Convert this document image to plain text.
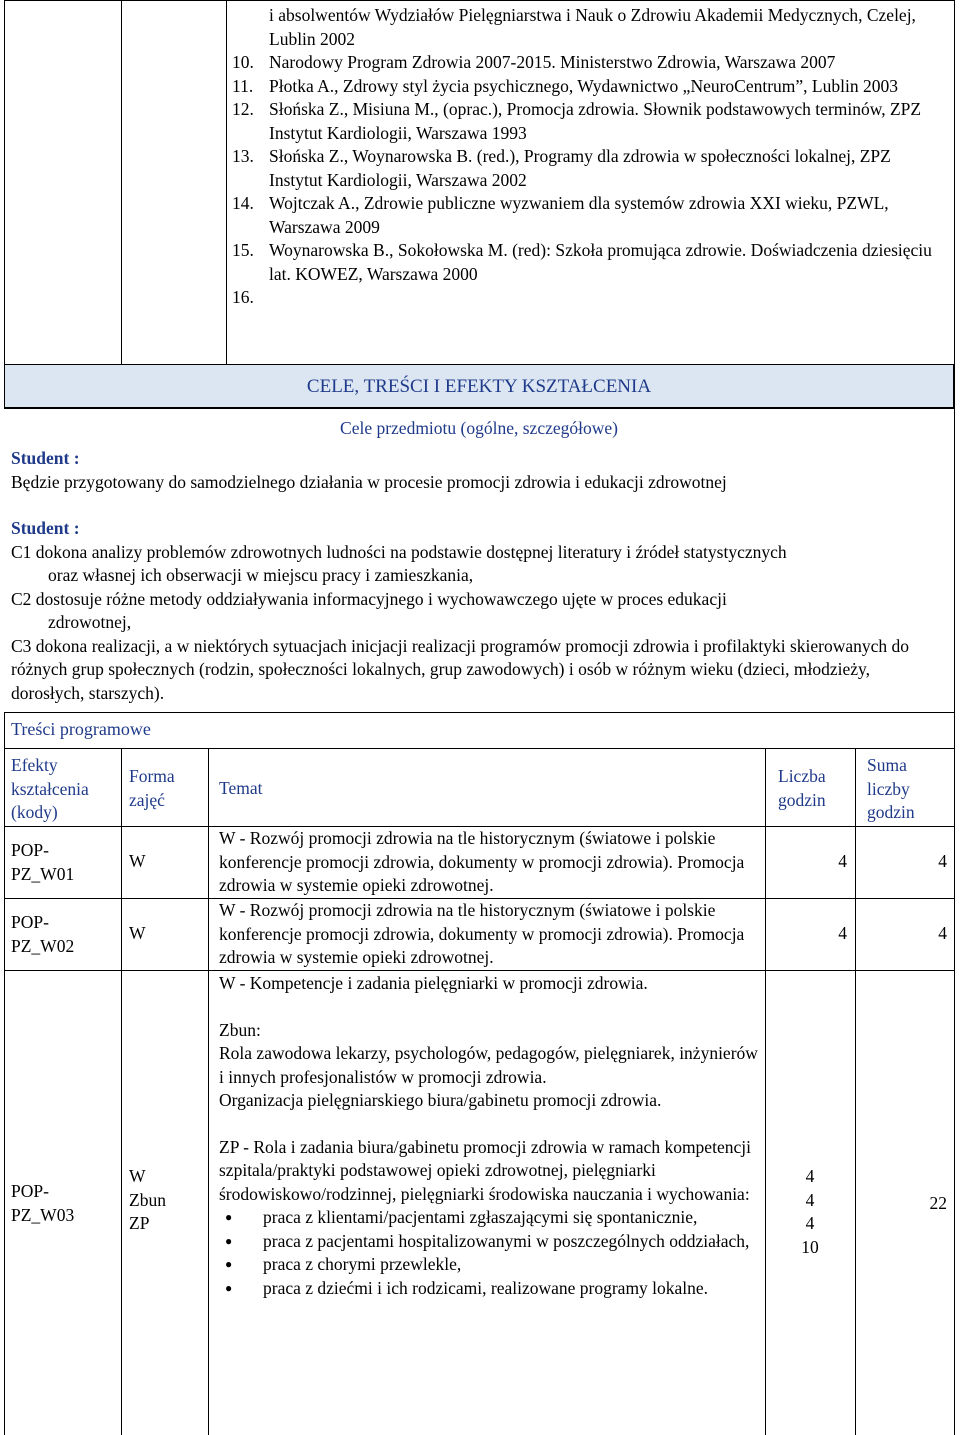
i absolwentów Wydziałów Pielęgniarstwa i Nauk o Zdrowiu Akademii Medycznych, Czelej, Lublin 2002
10. Narodowy Program Zdrowia 2007-2015. Ministerstwo Zdrowia, Warszawa 2007
11. Płotka A., Zdrowy styl życia psychicznego, Wydawnictwo „NeuroCentrum”, Lublin 2003
12. Słońska Z., Misiuna M., (oprac.), Promocja zdrowia. Słownik podstawowych terminów, ZPZ Instytut Kardiologii, Warszawa 1993
13. Słońska Z., Woynarowska B. (red.), Programy dla zdrowia w społeczności lokalnej, ZPZ Instytut Kardiologii, Warszawa 2002
14. Wojtczak A., Zdrowie publiczne wyzwaniem dla systemów zdrowia XXI wieku, PZWL, Warszawa 2009
15. Woynarowska B., Sokołowska M. (red): Szkoła promująca zdrowie. Doświadczenia dziesięciu lat. KOWEZ, Warszawa 2000
16.
CELE, TREŚCI I EFEKTY KSZTAŁCENIA
Cele przedmiotu (ogólne, szczegółowe)
Student :
Będzie przygotowany do samodzielnego działania w procesie promocji zdrowia i edukacji zdrowotnej
Student :
C1 dokona analizy problemów zdrowotnych ludności na podstawie dostępnej literatury i źródeł statystycznych
oraz własnej ich obserwacji w miejscu pracy i zamieszkania,
C2 dostosuje różne metody oddziaływania informacyjnego i wychowawczego ujęte w proces edukacji
zdrowotnej,
C3 dokona realizacji, a w niektórych sytuacjach inicjacji realizacji programów promocji zdrowia i profilaktyki skierowanych do różnych grup społecznych (rodzin, społeczności lokalnych, grup zawodowych) i osób w różnym wieku (dzieci, młodzieży, dorosłych, starszych).
Treści programowe
Efekty kształcenia (kody)
Forma zajęć
Temat
Liczba godzin
Suma liczby godzin
POP-PZ_W01
W
W - Rozwój promocji zdrowia na tle historycznym (światowe i polskie konferencje promocji zdrowia, dokumenty w promocji zdrowia). Promocja zdrowia w systemie opieki zdrowotnej.
4	4
POP-PZ_W02
W
W - Rozwój promocji zdrowia na tle historycznym (światowe i polskie konferencje promocji zdrowia, dokumenty w promocji zdrowia). Promocja zdrowia w systemie opieki zdrowotnej.
4	4
POP-PZ_W03
W
Zbun
ZP
W - Kompetencje i zadania pielęgniarki w promocji zdrowia.
Zbun:
Rola zawodowa lekarzy, psychologów, pedagogów, pielęgniarek, inżynierów i innych profesjonalistów w promocji zdrowia.
Organizacja pielęgniarskiego biura/gabinetu promocji zdrowia.
ZP - Rola i zadania biura/gabinetu promocji zdrowia w ramach kompetencji szpitala/praktyki podstawowej opieki zdrowotnej, pielęgniarki środowiskowo/rodzinnej, pielęgniarki środowiska nauczania i wychowania:
● praca z klientami/pacjentami zgłaszającymi się spontanicznie,
● praca z pacjentami hospitalizowanymi w poszczególnych oddziałach,
● praca z chorymi przewlekle,
● praca z dziećmi i ich rodzicami, realizowane programy lokalne.
4
4
4
10
22
